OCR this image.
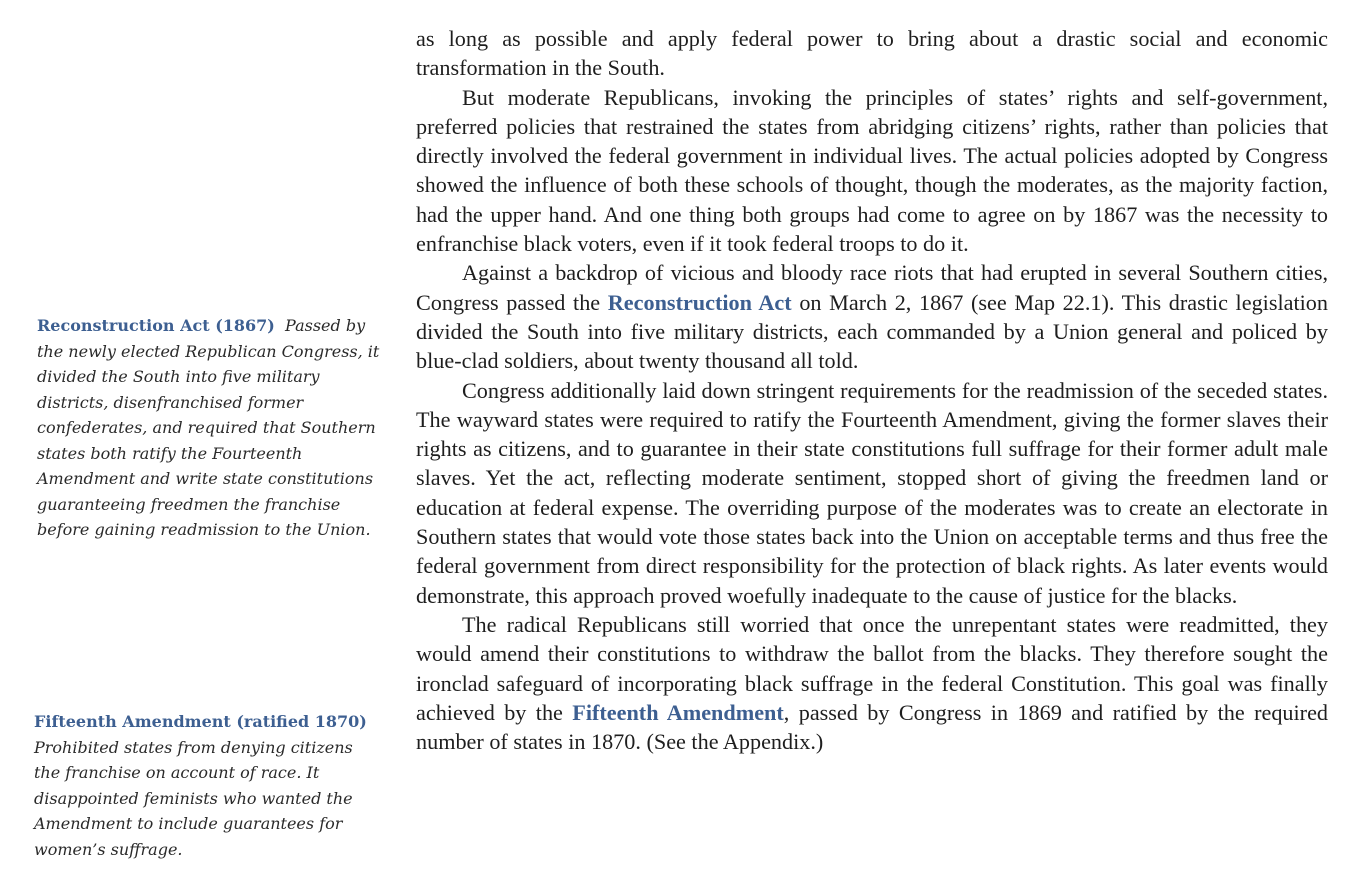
Reconstruction Act (1867) Passed by the newly elected Republican Congress, it divided the South into five military districts, disenfranchised former confederates, and required that Southern states both ratify the Fourteenth Amendment and write state constitutions guaranteeing freedmen the franchise before gaining readmission to the Union.
Fifteenth Amendment (ratified 1870)
Prohibited states from denying citizens the franchise on account of race. It disappointed feminists who wanted the Amendment to include guarantees for women’s suffrage.

as long as possible and apply federal power to bring about a drastic social and economic transformation in the South.

But moderate Republicans, invoking the principles of states’ rights and self-government, preferred policies that restrained the states from abridging citizens’ rights, rather than policies that directly involved the federal government in individual lives. The actual policies adopted by Congress showed the influence of both these schools of thought, though the moderates, as the majority faction, had the upper hand. And one thing both groups had come to agree on by 1867 was the necessity to enfranchise black voters, even if it took federal troops to do it.

Against a backdrop of vicious and bloody race riots that had erupted in several Southern cities, Congress passed the Reconstruction Act on March 2, 1867 (see Map 22.1). This drastic legislation divided the South into five military districts, each commanded by a Union general and policed by blue-clad soldiers, about twenty thousand all told.

Congress additionally laid down stringent requirements for the readmission of the seceded states. The wayward states were required to ratify the Fourteenth Amendment, giving the former slaves their rights as citizens, and to guarantee in their state constitutions full suffrage for their former adult male slaves. Yet the act, reflecting moderate sentiment, stopped short of giving the freedmen land or education at federal expense. The overriding purpose of the moderates was to create an electorate in Southern states that would vote those states back into the Union on acceptable terms and thus free the federal government from direct responsibility for the protection of black rights. As later events would demonstrate, this approach proved woefully inadequate to the cause of justice for the blacks.

The radical Republicans still worried that once the unrepentant states were readmitted, they would amend their constitutions to withdraw the ballot from the blacks. They therefore sought the ironclad safeguard of incorporating black suffrage in the federal Constitution. This goal was finally achieved by the Fifteenth Amendment, passed by Congress in 1869 and ratified by the required number of states in 1870. (See the Appendix.)
